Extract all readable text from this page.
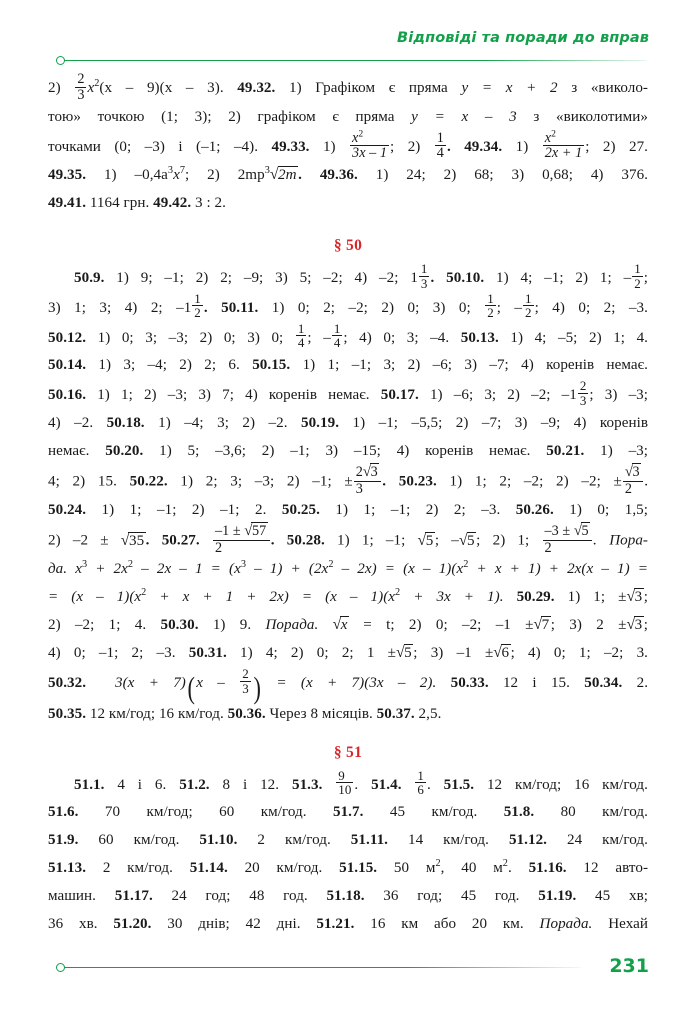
Відповіді та поради до вправ

$2) \frac{2}{3} x^2(x - 9)(x - 3)$. 49.32. 1) Графіком є пряма y = x + 2 з «виколо-

тою» точкою (1; 3); 2) графіком є пряма y = x – 3 з «виколотими»

точками (0; –3) і (–1; –4). 49.33. $1) \frac{x^2}{3x - 1}$ ; $2) \frac{1}{4}$ . 49.34. $1) \frac{x^2}{2x + 1}$ ; 2) 27.

49.35. 1) $-0,4a^3x^7$; 2) $2mp^3√2m$. 49.36. 1) 24; 2) 68; 3) 0,68; 4) 376.

49.41. 1164 грн. 49.42. 3 : 2.

§ 50

50.9. 1) 9; –1; 2) 2; –9; 3) 5; –2; 4) –2; $1 \frac{1}{3}$ . 50.10. 1) 4; –1; 2) 1; – $\frac{1}{2}$ ;

3) 1; 3; 4) 2; $-1 \frac{1}{2}$ . 50.11. 1) 0; 2; –2; 2) 0; 3) 0; $\frac{1}{2}$ ; – $\frac{1}{2}$ ; 4) 0; 2; –3.

50.12. 1) 0; 3; –3; 2) 0; 3) 0; $\frac{1}{4}$ ; – $\frac{1}{4}$ ; 4) 0; 3; –4. 50.13. 1) 4; –5; 2) 1; 4.

50.14. 1) 3; –4; 2) 2; 6. 50.15. 1) 1; –1; 3; 2) –6; 3) –7; 4) коренів немає.

50.16. 1) 1; 2) –3; 3) 7; 4) коренів немає. 50.17. 1) –6; 3; 2) –2; $-1 \frac{2}{3}$ ; 3) –3;

4) –2. 50.18. 1) –4; 3; 2) –2. 50.19. 1) –1; –5,5; 2) –7; 3) –9; 4) коренів

немає. 50.20. 1) 5; –3,6; 2) –1; 3) –15; 4) коренів немає. 50.21. 1) –3;

4; 2) 15. 50.22. 1) 2; 3; –3; 2) –1; ± $\frac{2√3}{3}$ . 50.23. 1) 1; 2; –2; 2) –2; ± $\frac{√3}{2}$ .

50.24. 1) 1; –1; 2) –1; 2. 50.25. 1) 1; –1; 2) 2; –3. 50.26. 1) 0; 1,5;

2) –2 ± √35. 50.27. $\frac{-1 \pm √57}{2}$ . 50.28. 1) 1; –1; √5; –√5; 2) 1; $\frac{-3 \pm √5}{2}$ . Пора-

да. $x^3 + 2x^2 - 2x - 1 = (x^3 - 1) + (2x^2 - 2x) = (x - 1)(x^2 + x + 1) + 2x(x - 1)$ =

= $(x - 1)(x^2 + x + 1 + 2x) = (x - 1)(x^2 + 3x + 1)$. 50.29. 1) 1; ±√3;

2) –2; 1; 4. 50.30. 1) 9. Порада. √x = t; 2) 0; –2; –1 ±√7; 3) 2 ±√3;

4) 0; –1; 2; –3. 50.31. 1) 4; 2) 0; 2; 1 ±√5; 3) –1 ±√6; 4) 0; 1; –2; 3.

50.32. $3(x + 7)(x - \frac{2}{3}$ ) = (x + 7)(3x – 2). 50.33. 12 і 15. 50.34. 2.

50.35. 12 км/год; 16 км/год. 50.36. Через 8 місяців. 50.37. 2,5.

§ 51

51.1. 4 і 6. 51.2. 8 і 12. 51.3. $\frac{9}{10}$ . 51.4. $\frac{1}{6}$ . 51.5. 12 км/год; 16 км/год.

51.6. 70 км/год; 60 км/год. 51.7. 45 км/год. 51.8. 80 км/год.

51.9. 60 км/год. 51.10. 2 км/год. 51.11. 14 км/год. 51.12. 24 км/год.

51.13. 2 км/год. 51.14. 20 км/год. 51.15. 50 $м^2$, 40 $м^2$. 51.16. 12 авто-

машин. 51.17. 24 год; 48 год. 51.18. 36 год; 45 год. 51.19. 45 хв;

36 хв. 51.20. 30 днів; 42 дні. 51.21. 16 км або 20 км. Порада. Нехай

231
